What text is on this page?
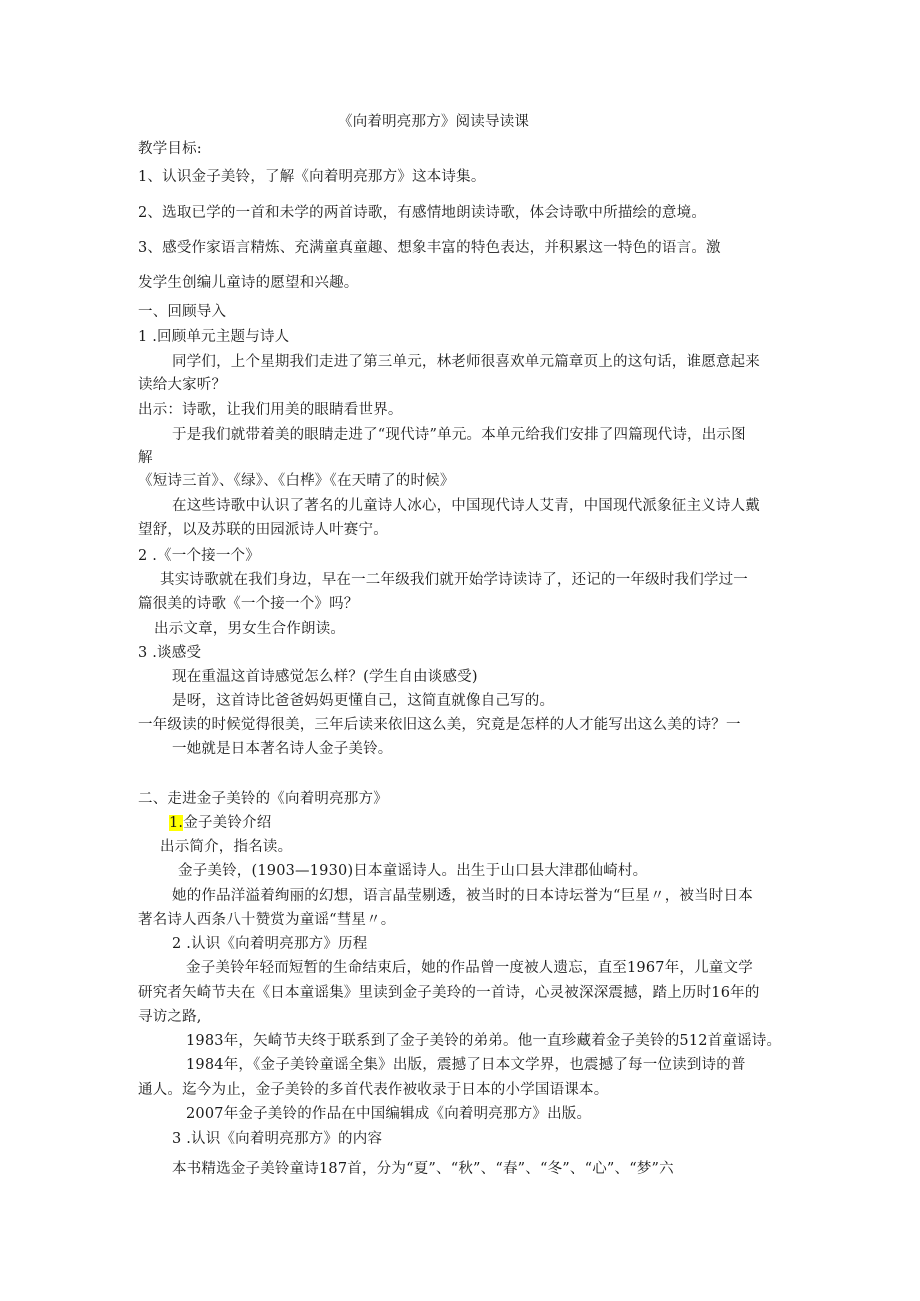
《向着明亮那方》阅读导读课
教学目标:
1、认识金子美铃，了解《向着明亮那方》这本诗集。
2、选取已学的一首和未学的两首诗歌，有感情地朗读诗歌，体会诗歌中所描绘的意境。
3、感受作家语言精炼、充满童真童趣、想象丰富的特色表达，并积累这一特色的语言。激
发学生创编儿童诗的愿望和兴趣。
一、回顾导入
1 .回顾单元主题与诗人
同学们，上个星期我们走进了第三单元，林老师很喜欢单元篇章页上的这句话，谁愿意起来
读给大家听？
出示：诗歌，让我们用美的眼睛看世界。
于是我们就带着美的眼睛走进了“现代诗”单元。本单元给我们安排了四篇现代诗，出示图
解
《短诗三首》、《绿》、《白桦》《在天晴了的时候》
在这些诗歌中认识了著名的儿童诗人冰心，中国现代诗人艾青，中国现代派象征主义诗人戴
望舒，以及苏联的田园派诗人叶赛宁。
2 .《一个接一个》
其实诗歌就在我们身边，早在一二年级我们就开始学诗读诗了，还记的一年级时我们学过一
篇很美的诗歌《一个接一个》吗？
出示文章，男女生合作朗读。
3 .谈感受
现在重温这首诗感觉怎么样？(学生自由谈感受)
是呀，这首诗比爸爸妈妈更懂自己，这简直就像自己写的。
一年级读的时候觉得很美，三年后读来依旧这么美，究竟是怎样的人才能写出这么美的诗？一
一她就是日本著名诗人金子美铃。
二、走进金子美铃的《向着明亮那方》
1.金子美铃介绍
出示简介，指名读。
金子美铃，(1903—1930)日本童谣诗人。出生于山口县大津郡仙崎村。
她的作品洋溢着绚丽的幻想，语言晶莹剔透，被当时的日本诗坛誉为“巨星〃，被当时日本
著名诗人西条八十赞赏为童谣“彗星〃。
2 .认识《向着明亮那方》历程
金子美铃年轻而短暂的生命结束后，她的作品曾一度被人遗忘，直至1967年，儿童文学
研究者矢崎节夫在《日本童谣集》里读到金子美玲的一首诗，心灵被深深震撼，踏上历时16年的
寻访之路,
1983年，矢崎节夫终于联系到了金子美铃的弟弟。他一直珍藏着金子美铃的512首童谣诗。
1984年，《金子美铃童谣全集》出版，震撼了日本文学界，也震撼了每一位读到诗的普
通人。迄今为止，金子美铃的多首代表作被收录于日本的小学国语课本。
2007年金子美铃的作品在中国编辑成《向着明亮那方》出版。
3 .认识《向着明亮那方》的内容
本书精选金子美铃童诗187首，分为“夏”、“秋”、“春”、“冬”、“心”、“梦”六
